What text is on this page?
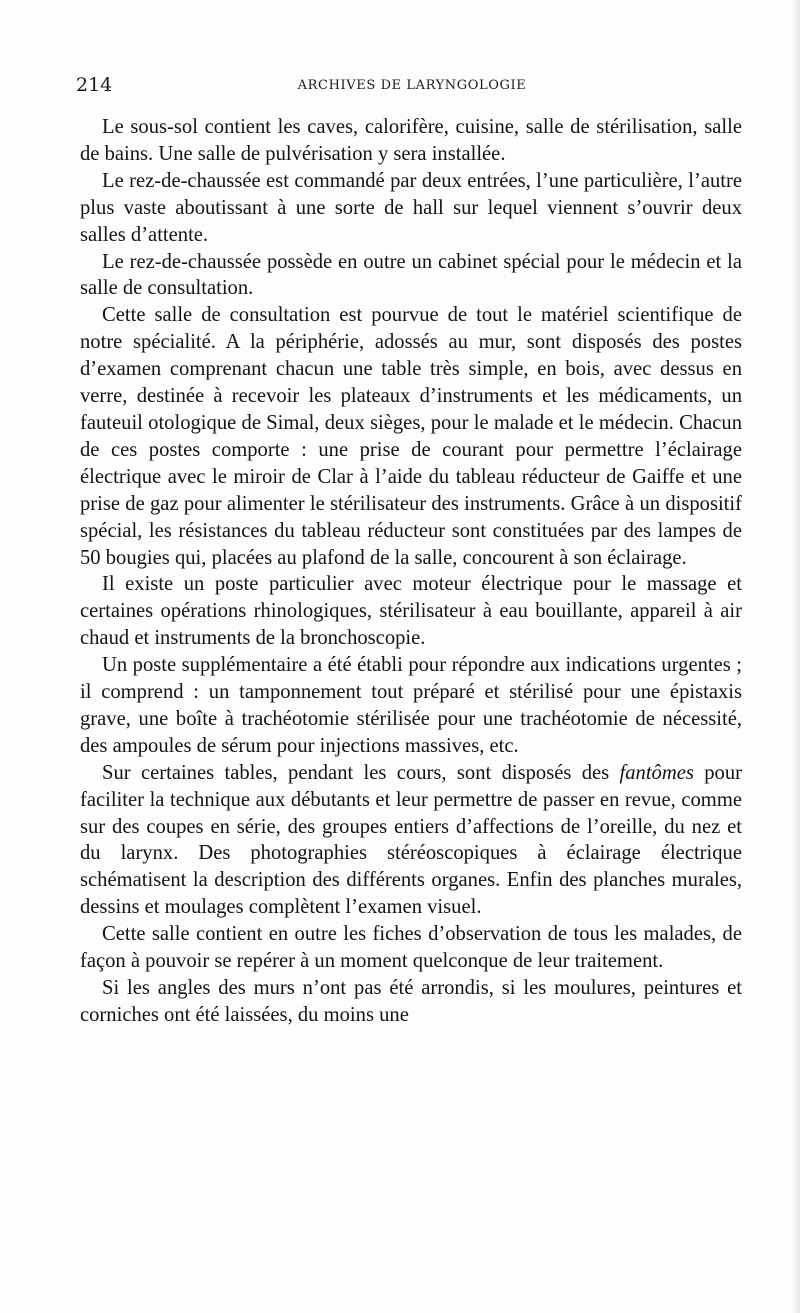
214	ARCHIVES DE LARYNGOLOGIE

Le sous-sol contient les caves, calorifère, cuisine, salle de stérilisation, salle de bains. Une salle de pulvérisation y sera installée.

Le rez-de-chaussée est commandé par deux entrées, l’une particulière, l’autre plus vaste aboutissant à une sorte de hall sur lequel viennent s’ouvrir deux salles d’attente.

Le rez-de-chaussée possède en outre un cabinet spécial pour le médecin et la salle de consultation.

Cette salle de consultation est pourvue de tout le matériel scientifique de notre spécialité. A la périphérie, adossés au mur, sont disposés des postes d’examen comprenant chacun une table très simple, en bois, avec dessus en verre, destinée à recevoir les plateaux d’instruments et les médicaments, un fauteuil otologique de Simal, deux sièges, pour le malade et le médecin. Chacun de ces postes comporte : une prise de courant pour permettre l’éclairage électrique avec le miroir de Clar à l’aide du tableau réducteur de Gaiffe et une prise de gaz pour alimenter le stérilisateur des instruments. Grâce à un dispositif spécial, les résistances du tableau réducteur sont constituées par des lampes de 50 bougies qui, placées au plafond de la salle, concourent à son éclairage.

Il existe un poste particulier avec moteur électrique pour le massage et certaines opérations rhinologiques, stérilisateur à eau bouillante, appareil à air chaud et instruments de la bronchoscopie.

Un poste supplémentaire a été établi pour répondre aux indications urgentes ; il comprend : un tamponnement tout préparé et stérilisé pour une épistaxis grave, une boîte à trachéotomie stérilisée pour une trachéotomie de nécessité, des ampoules de sérum pour injections massives, etc.

Sur certaines tables, pendant les cours, sont disposés des fantômes pour faciliter la technique aux débutants et leur permettre de passer en revue, comme sur des coupes en série, des groupes entiers d’affections de l’oreille, du nez et du larynx. Des photographies stéréoscopiques à éclairage électrique schématisent la description des différents organes. Enfin des planches murales, dessins et moulages complètent l’examen visuel.

Cette salle contient en outre les fiches d’observation de tous les malades, de façon à pouvoir se repérer à un moment quelconque de leur traitement.

Si les angles des murs n’ont pas été arrondis, si les moulures, peintures et corniches ont été laissées, du moins une
